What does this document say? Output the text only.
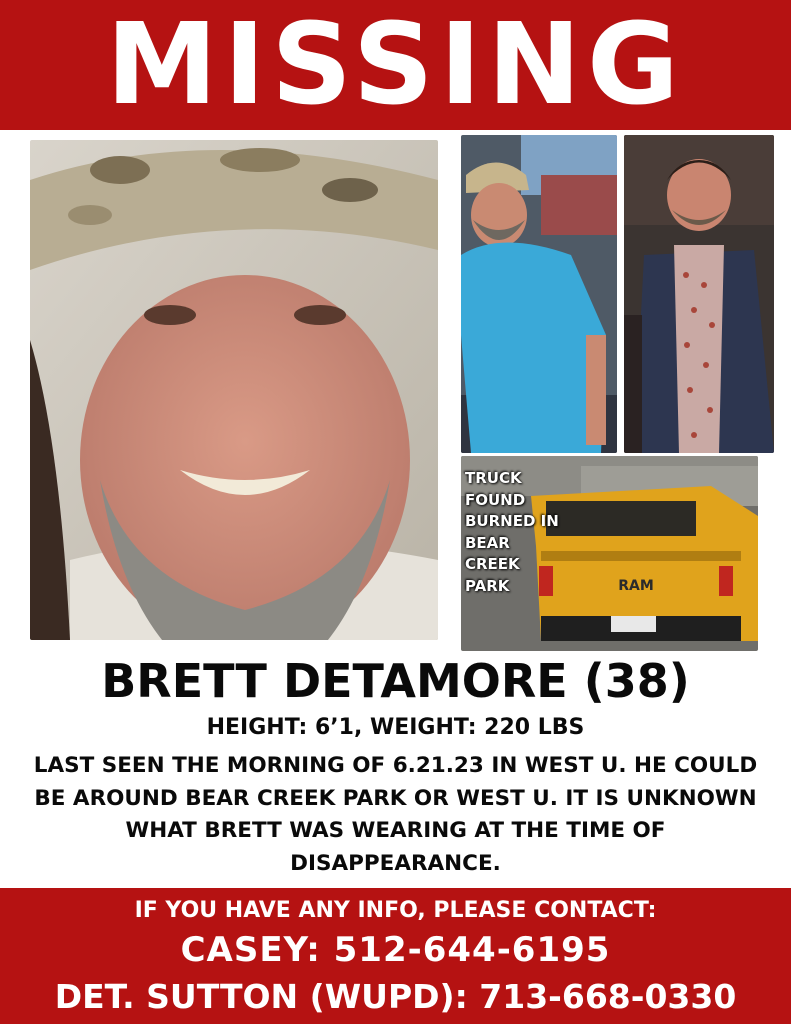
MISSING
RAM
TRUCK FOUND BURNED IN BEAR CREEK PARK
BRETT DETAMORE (38)
HEIGHT: 6’1, WEIGHT: 220 LBS
LAST SEEN THE MORNING OF 6.21.23 IN WEST U. HE COULD BE AROUND BEAR CREEK PARK OR WEST U. IT IS UNKNOWN WHAT BRETT WAS WEARING AT THE TIME OF DISAPPEARANCE.
IF YOU HAVE ANY INFO, PLEASE CONTACT:
CASEY: 512-644-6195
DET. SUTTON (WUPD): 713-668-0330
